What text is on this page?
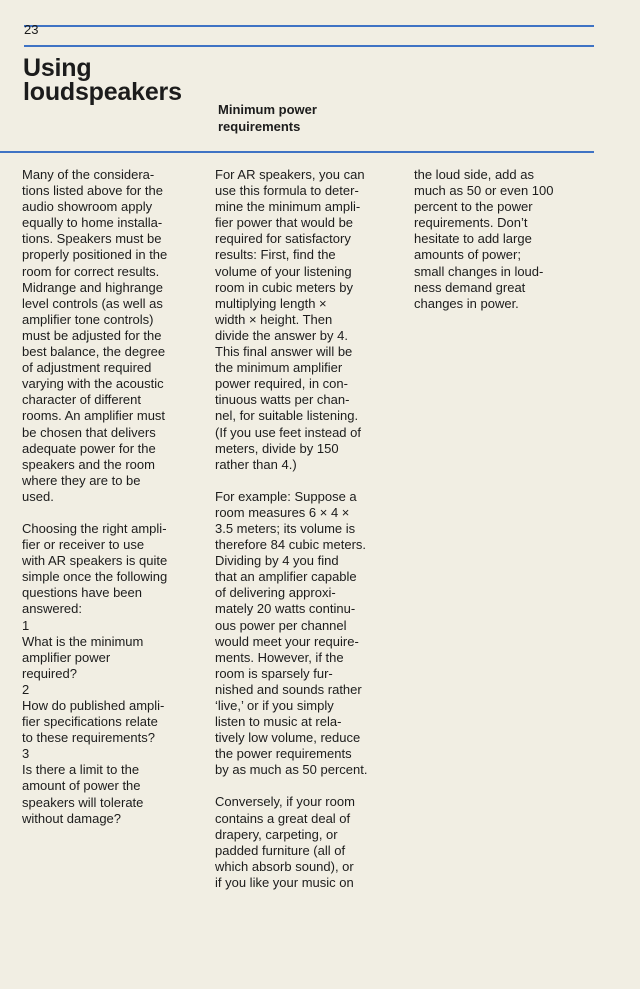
23
Using
loudspeakers
Minimum power
requirements

Many of the considera-
tions listed above for the
audio showroom apply
equally to home installa-
tions. Speakers must be
properly positioned in the
room for correct results.
Midrange and highrange
level controls (as well as
amplifier tone controls)
must be adjusted for the
best balance, the degree
of adjustment required
varying with the acoustic
character of different
rooms. An amplifier must
be chosen that delivers
adequate power for the
speakers and the room
where they are to be
used.

Choosing the right ampli-
fier or receiver to use
with AR speakers is quite
simple once the following
questions have been
answered:
1
What is the minimum
amplifier power
required?
2
How do published ampli-
fier specifications relate
to these requirements?
3
Is there a limit to the
amount of power the
speakers will tolerate
without damage?

For AR speakers, you can
use this formula to deter-
mine the minimum ampli-
fier power that would be
required for satisfactory
results: First, find the
volume of your listening
room in cubic meters by
multiplying length ×
width × height. Then
divide the answer by 4.
This final answer will be
the minimum amplifier
power required, in con-
tinuous watts per chan-
nel, for suitable listening.
(If you use feet instead of
meters, divide by 150
rather than 4.)

For example: Suppose a
room measures 6 × 4 ×
3.5 meters; its volume is
therefore 84 cubic meters.
Dividing by 4 you find
that an amplifier capable
of delivering approxi-
mately 20 watts continu-
ous power per channel
would meet your require-
ments. However, if the
room is sparsely fur-
nished and sounds rather
‘live,’ or if you simply
listen to music at rela-
tively low volume, reduce
the power requirements
by as much as 50 percent.

Conversely, if your room
contains a great deal of
drapery, carpeting, or
padded furniture (all of
which absorb sound), or
if you like your music on

the loud side, add as
much as 50 or even 100
percent to the power
requirements. Don’t
hesitate to add large
amounts of power;
small changes in loud-
ness demand great
changes in power.
